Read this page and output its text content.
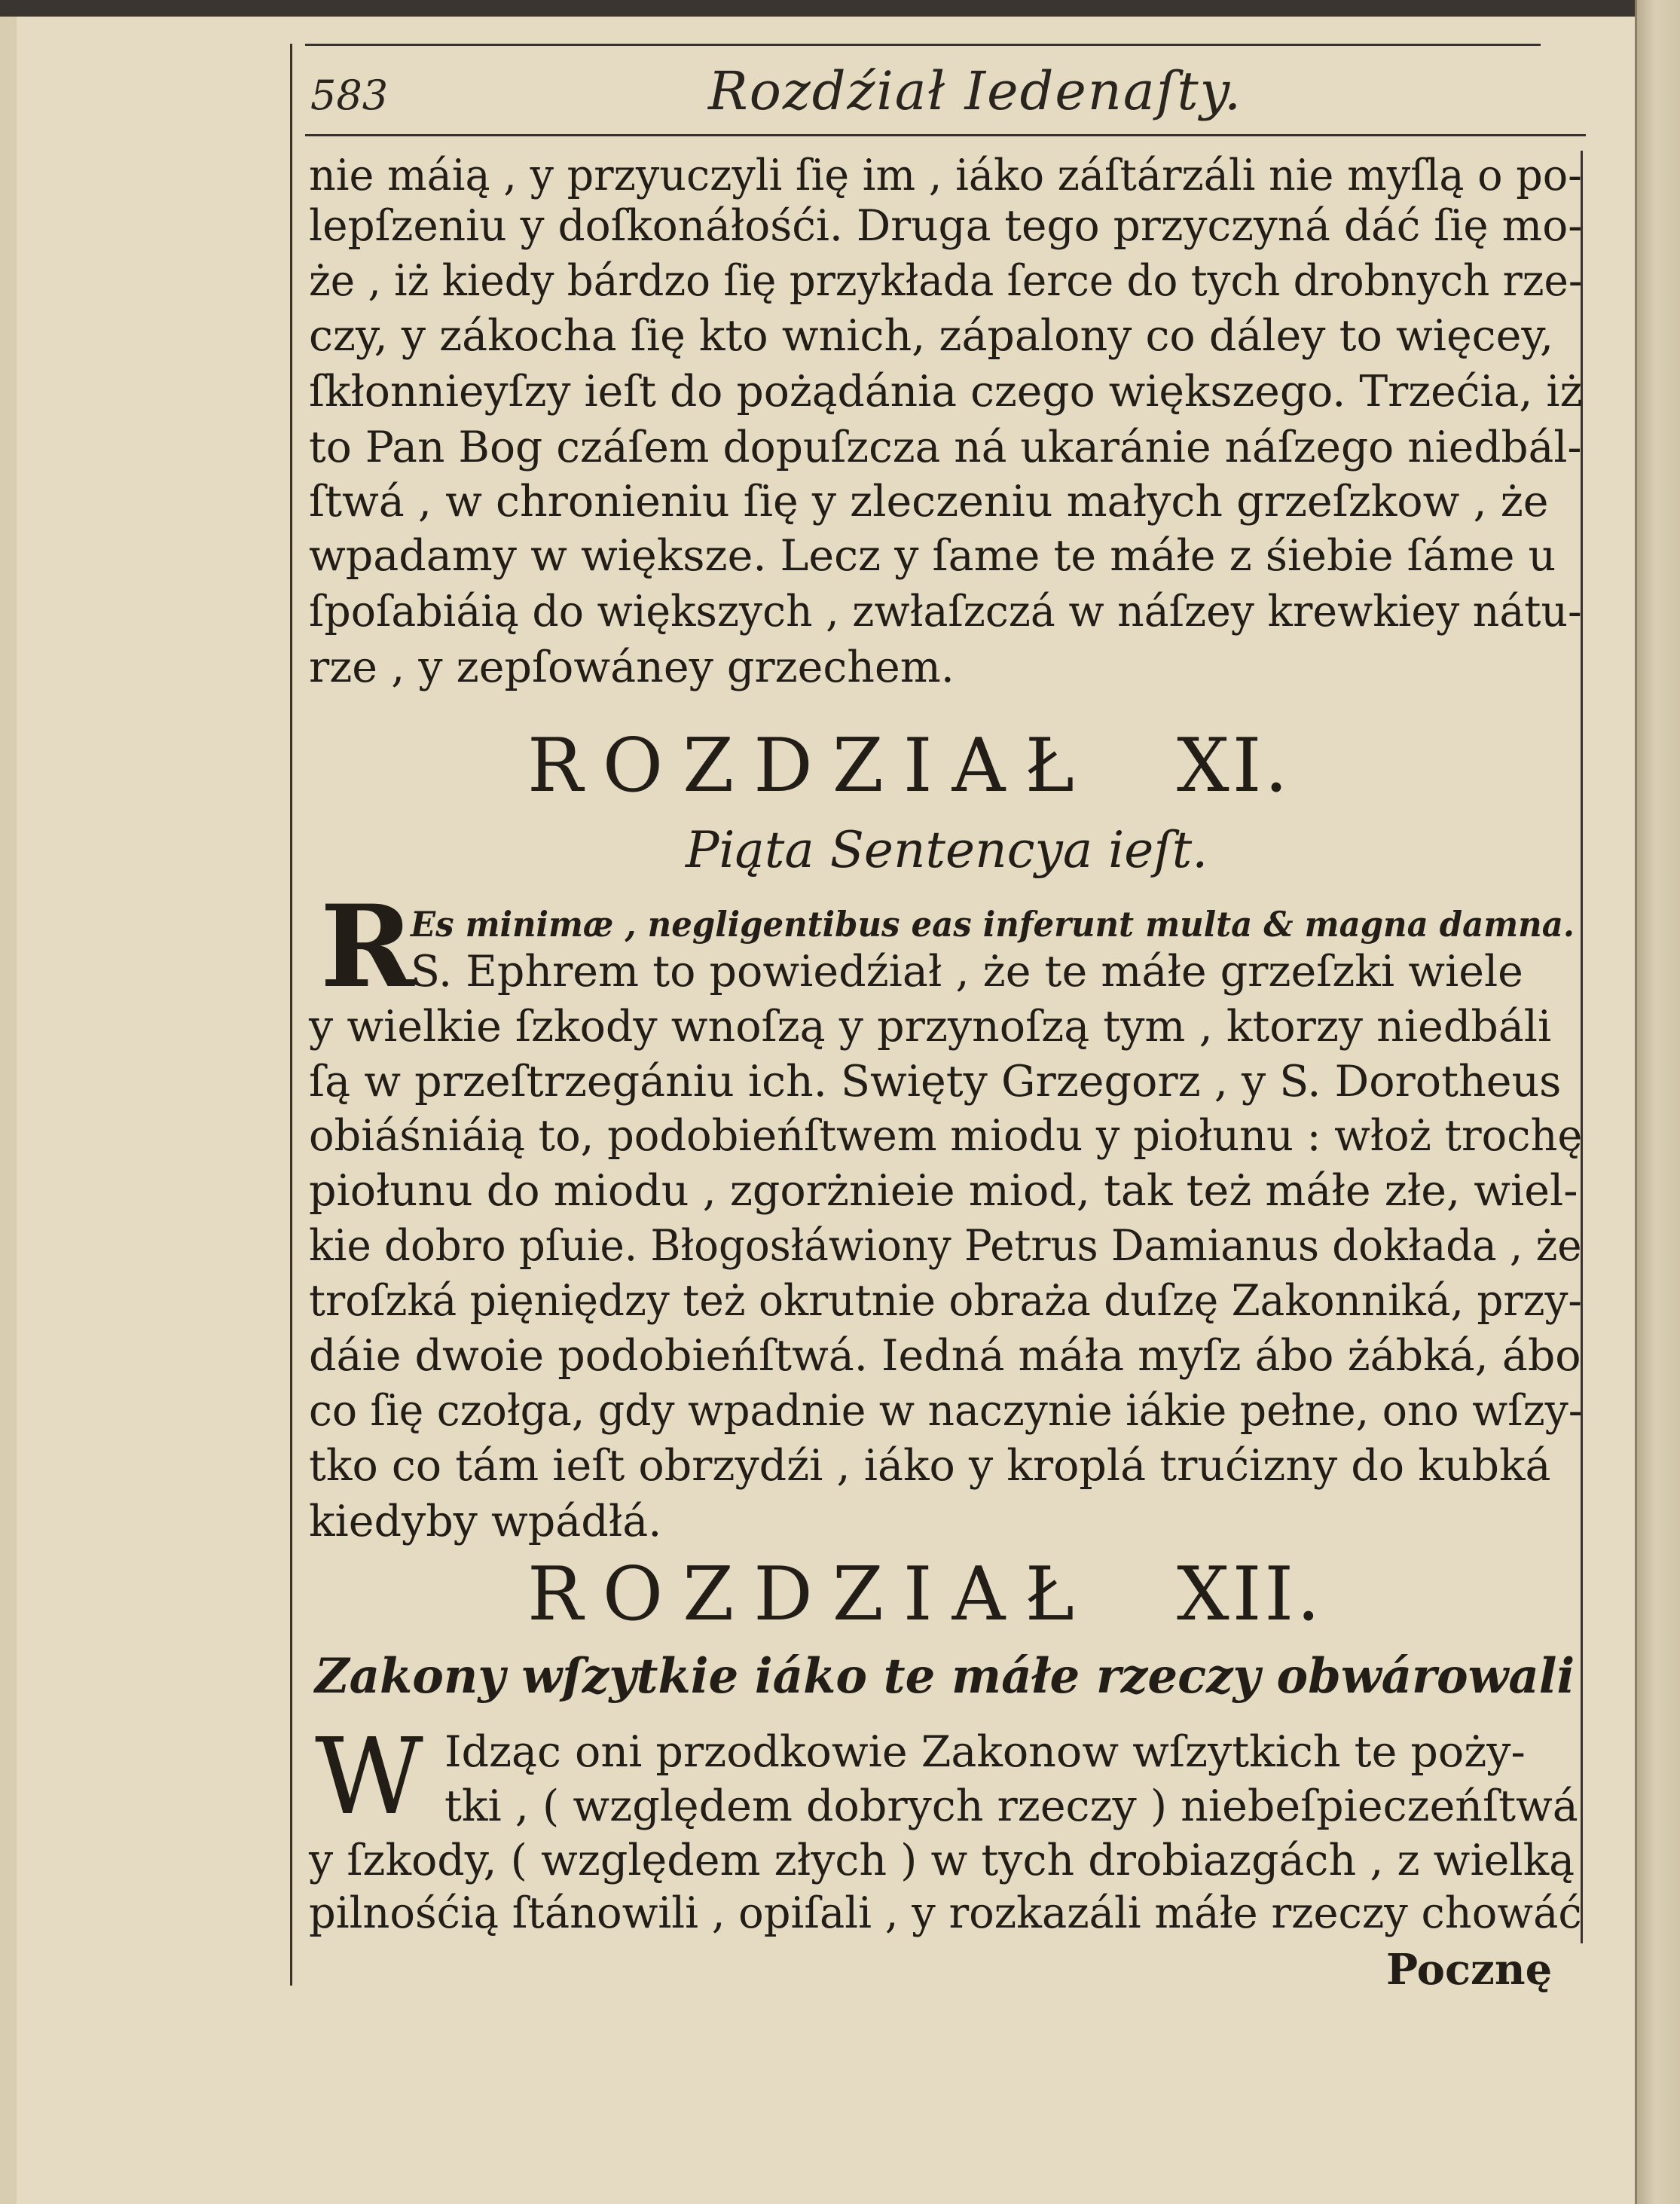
583	Rozdźiał Iedenaſty.
nie máią , y przyuczyli ſię im , iáko záſtárzáli nie myſlą o po-
lepſzeniu y doſkonáłośći. Druga tego przyczyná dáć ſię mo-
że , iż kiedy bárdzo ſię przykłada ſerce do tych drobnych rze-
czy, y zákocha ſię kto wnich, zápalony co dáley to więcey,
ſkłonnieyſzy ieſt do pożądánia czego większego. Trzećia, iż
to Pan Bog czáſem dopuſzcza ná ukaránie náſzego niedbál-
ſtwá , w chronieniu ſię y zleczeniu małych grzeſzkow , że
wpadamy w większe. Lecz y ſame te máłe z śiebie ſáme u
ſpoſabiáią do większych , zwłaſzczá w náſzey krewkiey nátu-
rze , y zepſowáney grzechem.
ROZDZIAŁ XI.
Piąta Sentencya ieſt.
R
Es minimæ , negligentibus eas inferunt multa & magna damna.
S. Ephrem to powiedźiał , że te máłe grzeſzki wiele
y wielkie ſzkody wnoſzą y przynoſzą tym , ktorzy niedbáli
ſą w przeſtrzegániu ich. Swięty Grzegorz , y S. Dorotheus
obiáśniáią to, podobieńſtwem miodu y piołunu : włoż trochę
piołunu do miodu , zgorżnieie miod, tak też máłe złe, wiel-
kie dobro pſuie. Błogosłáwiony Petrus Damianus dokłada , że
troſzká pięniędzy też okrutnie obraża duſzę Zakonniká, przy-
dáie dwoie podobieńſtwá. Iedná máła myſz ábo żábká, ábo
co ſię czołga, gdy wpadnie w naczynie iákie pełne, ono wſzy-
tko co tám ieſt obrzydźi , iáko y kroplá trućizny do kubká
kiedyby wpádłá.
ROZDZIAŁ XII.
Zakony wſzytkie iáko te máłe rzeczy obwárowali
W Idząc oni przodkowie Zakonow wſzytkich te poży-
tki , ( względem dobrych rzeczy ) niebeſpieczeńſtwá
y ſzkody, ( względem złych ) w tych drobiazgách , z wielką
pilnośćią ſtánowili , opiſali , y rozkazáli máłe rzeczy chowáć
Pocznę
